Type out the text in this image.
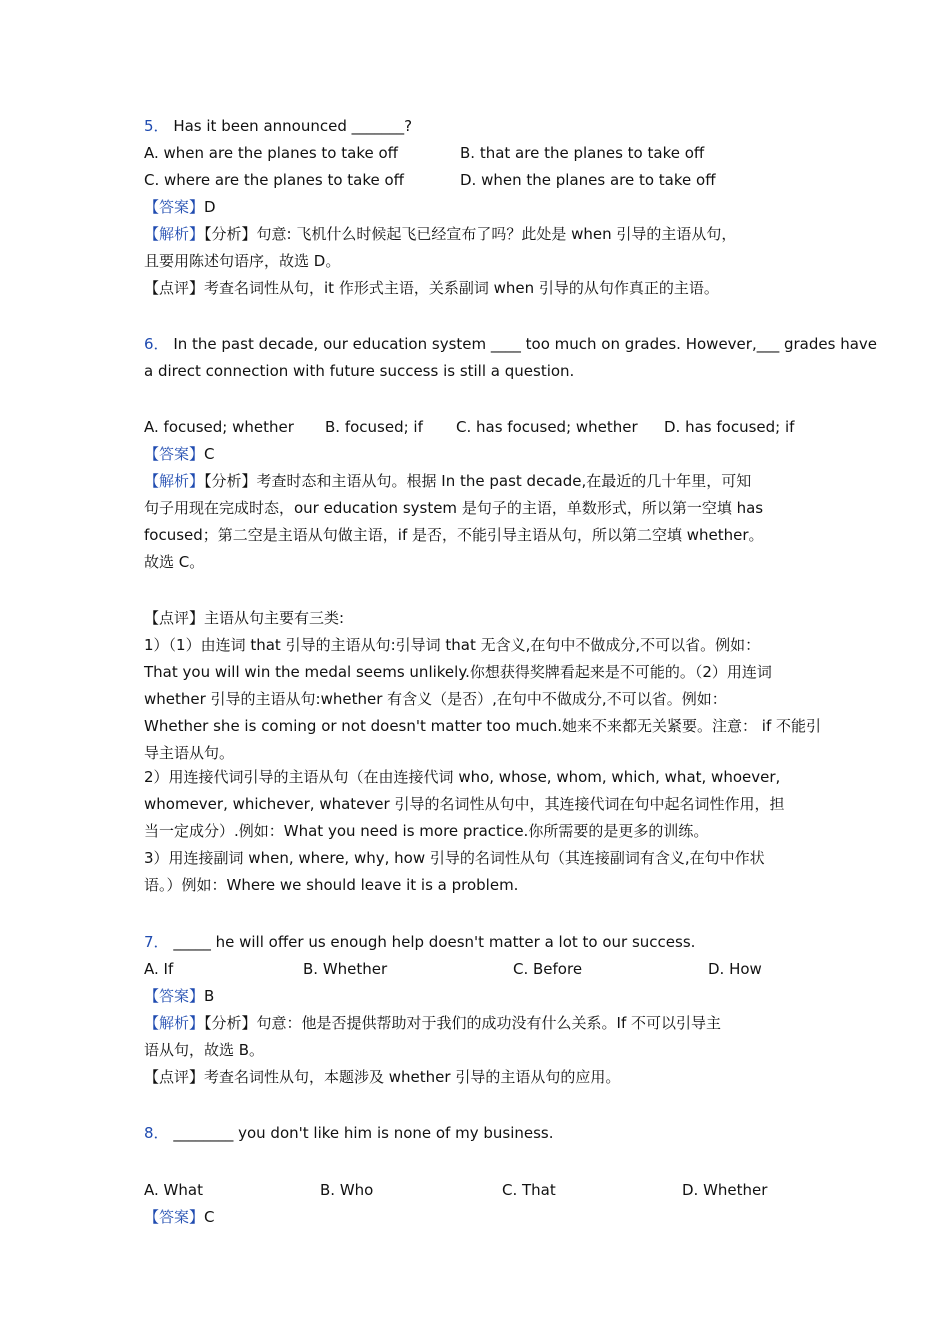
5． Has it been announced _______?
A. when are the planes to take off	B. that are the planes to take off
C. where are the planes to take off	D. when the planes are to take off
【答案】D
【解析】【分析】句意: 飞机什么时候起飞已经宣布了吗？此处是 when 引导的主语从句，
且要用陈述句语序，故选 D。
【点评】考查名词性从句，it 作形式主语，关系副词 when 引导的从句作真正的主语。
6． In the past decade, our education system ____ too much on grades. However,___ grades have
a direct connection with future success is still a question.
A. focused; whether B. focused; if C. has focused; whether D. has focused; if
【答案】C
【解析】【分析】考查时态和主语从句。根据 In the past decade,在最近的几十年里，可知
句子用现在完成时态，our education system 是句子的主语，单数形式，所以第一空填 has
focused；第二空是主语从句做主语，if 是否，不能引导主语从句，所以第二空填 whether。
故选 C。
【点评】主语从句主要有三类:
1）（1）由连词 that 引导的主语从句:引导词 that 无含义,在句中不做成分,不可以省。例如：
That you will win the medal seems unlikely.你想获得奖牌看起来是不可能的。（2）用连词
whether 引导的主语从句:whether 有含义（是否）,在句中不做成分,不可以省。例如：
Whether she is coming or not doesn't matter too much.她来不来都无关紧要。注意： if 不能引
导主语从句。
2）用连接代词引导的主语从句（在由连接代词 who, whose, whom, which, what, whoever,
whomever, whichever, whatever 引导的名词性从句中，其连接代词在句中起名词性作用，担
当一定成分）.例如：What you need is more practice.你所需要的是更多的训练。
3）用连接副词 when, where, why, how 引导的名词性从句（其连接副词有含义,在句中作状
语。）例如：Where we should leave it is a problem.
7． _____ he will offer us enough help doesn't matter a lot to our success.
A. If	B. Whether	C. Before	D. How
【答案】B
【解析】【分析】句意：他是否提供帮助对于我们的成功没有什么关系。If 不可以引导主
语从句，故选 B。
【点评】考查名词性从句，本题涉及 whether 引导的主语从句的应用。
8． ________ you don't like him is none of my business.
A. What	B. Who	C. That	D. Whether
【答案】C
